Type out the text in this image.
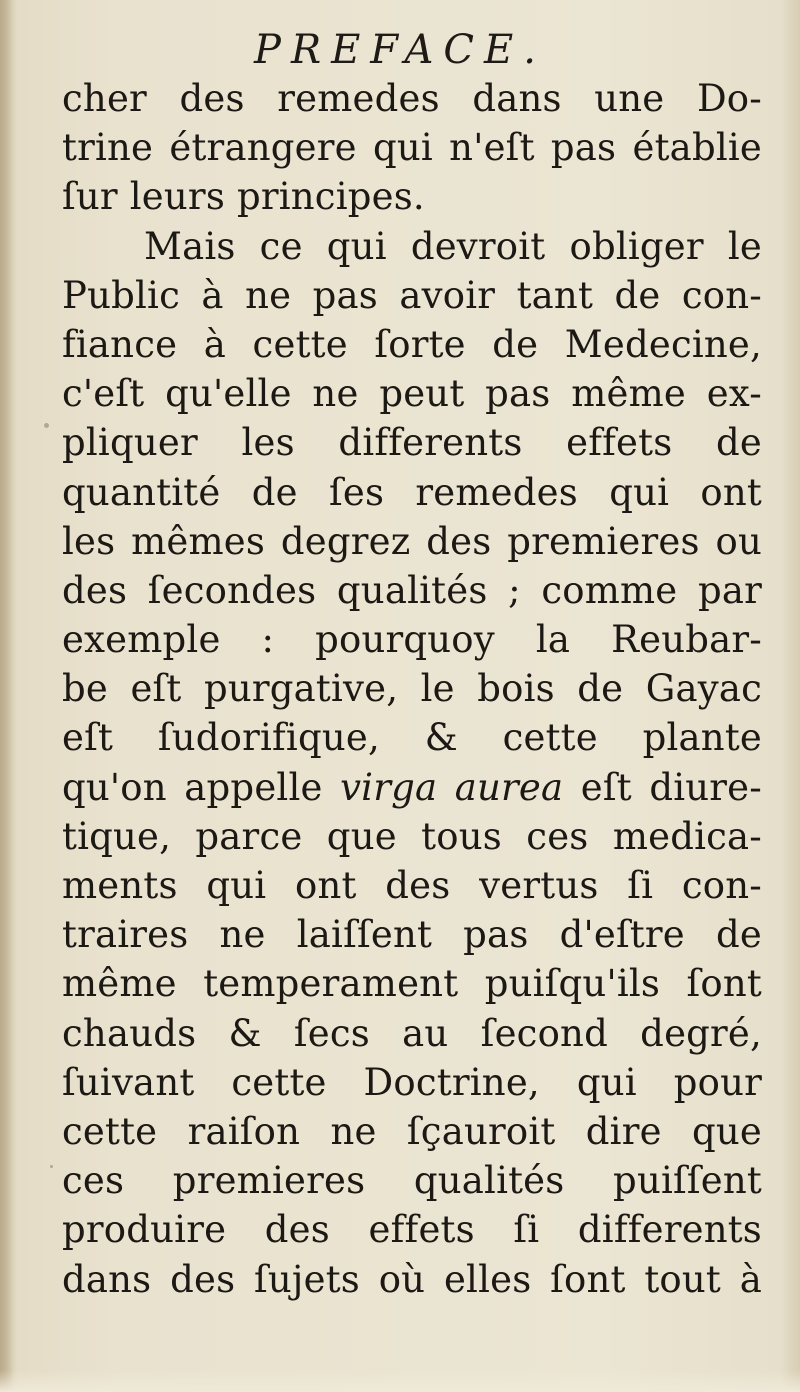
PREFACE.
cher des remedes dans une Do-
trine étrangere qui n'eſt pas établie
ſur leurs principes.
Mais ce qui devroit obliger le
Public à ne pas avoir tant de con-
fiance à cette ſorte de Medecine,
c'eſt qu'elle ne peut pas même ex-
pliquer les differents effets de
quantité de ſes remedes qui ont
les mêmes degrez des premieres ou
des ſecondes qualités ; comme par
exemple : pourquoy la Reubar-
be eſt purgative, le bois de Gayac
eſt ſudorifique, & cette plante
qu'on appelle virga aurea eſt diure-
tique, parce que tous ces medica-
ments qui ont des vertus ſi con-
traires ne laiſſent pas d'eſtre de
même temperament puiſqu'ils ſont
chauds & ſecs au ſecond degré,
ſuivant cette Doctrine, qui pour
cette raiſon ne ſçauroit dire que
ces premieres qualités puiſſent
produire des effets ſi differents
dans des ſujets où elles ſont tout à
